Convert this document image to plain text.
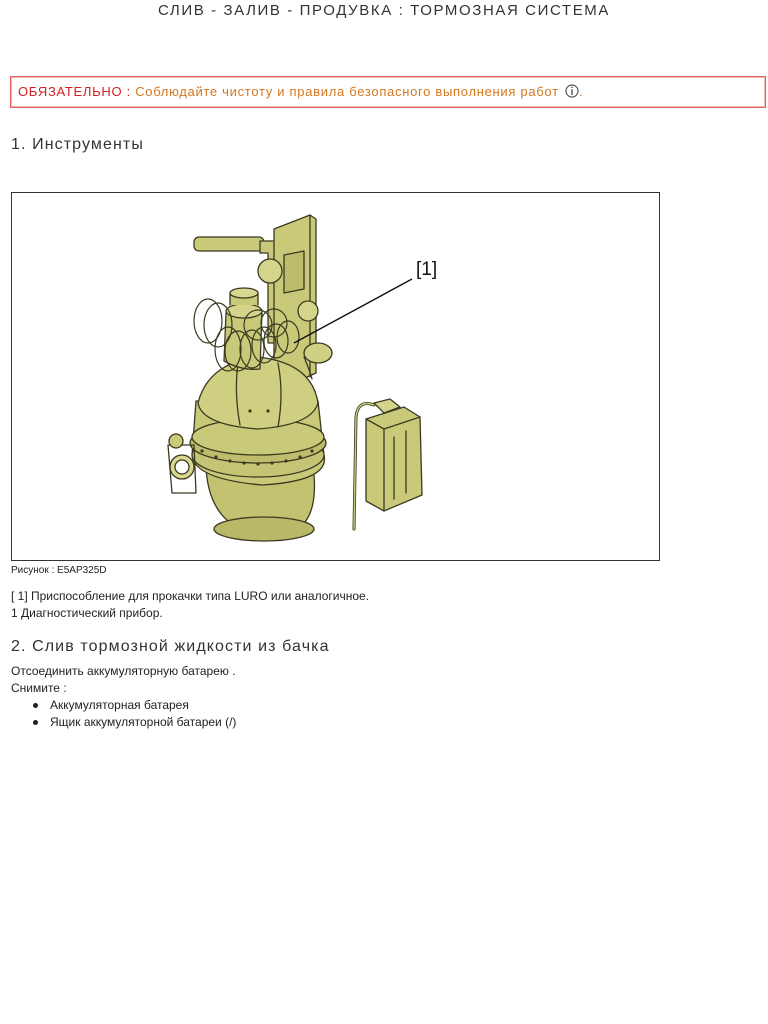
СЛИВ - ЗАЛИВ - ПРОДУВКА : ТОРМОЗНАЯ СИСТЕМА
ОБЯЗАТЕЛЬНО : Соблюдайте чистоту и правила безопасного выполнения работ .
1. Инструменты
[1]
Рисунок : E5AP325D
[ 1] Приспособление для прокачки типа LURO или аналогичное.
1 Диагностический прибор.
2. Слив тормозной жидкости из бачка
Отсоединить аккумуляторную батарею .
Снимите :
Аккумуляторная батарея
Ящик аккумуляторной батареи (/)
